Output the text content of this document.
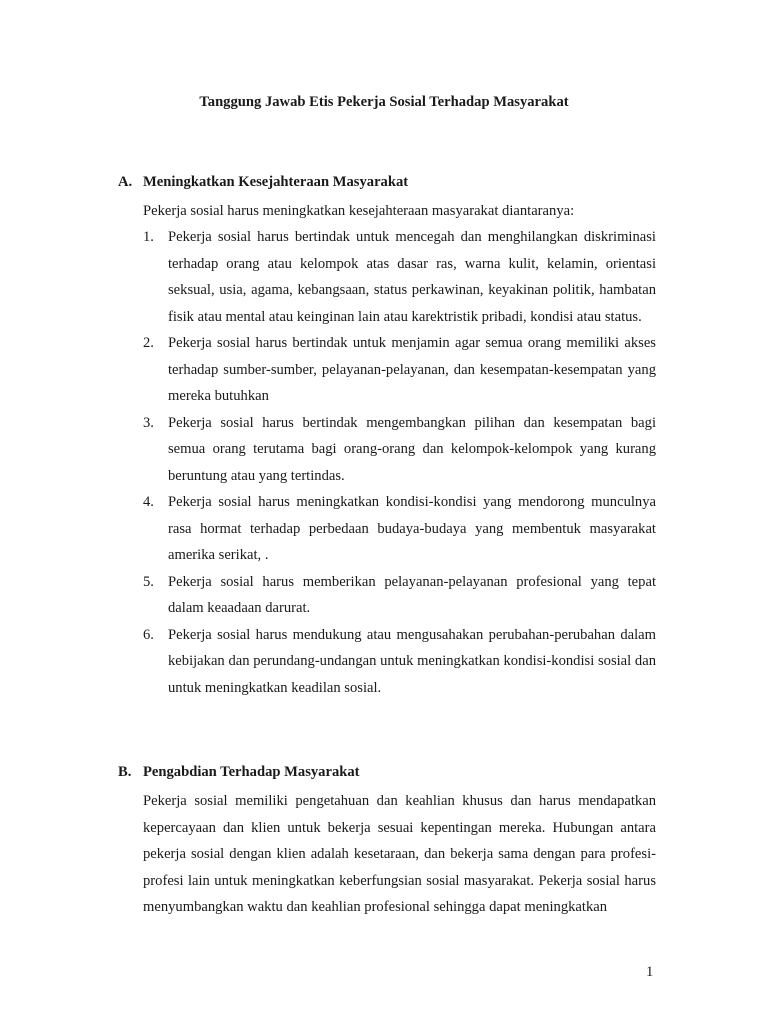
Tanggung Jawab Etis Pekerja Sosial Terhadap Masyarakat
A. Meningkatkan Kesejahteraan Masyarakat

Pekerja sosial harus meningkatkan kesejahteraan masyarakat diantaranya:

1. Pekerja sosial harus bertindak untuk mencegah dan menghilangkan diskriminasi terhadap orang atau kelompok atas dasar ras, warna kulit, kelamin, orientasi seksual, usia, agama, kebangsaan, status perkawinan, keyakinan politik, hambatan fisik atau mental atau keinginan lain atau karektristik pribadi, kondisi atau status.
2. Pekerja sosial harus bertindak untuk menjamin agar semua orang memiliki akses terhadap sumber-sumber, pelayanan-pelayanan, dan kesempatan-kesempatan yang mereka butuhkan
3. Pekerja sosial harus bertindak mengembangkan pilihan dan kesempatan bagi semua orang terutama bagi orang-orang dan kelompok-kelompok yang kurang beruntung atau yang tertindas.
4. Pekerja sosial harus meningkatkan kondisi-kondisi yang mendorong munculnya rasa hormat terhadap perbedaan budaya-budaya yang membentuk masyarakat amerika serikat, .
5. Pekerja sosial harus memberikan pelayanan-pelayanan profesional yang tepat dalam keaadaan darurat.
6. Pekerja sosial harus mendukung atau mengusahakan perubahan-perubahan dalam kebijakan dan perundang-undangan untuk meningkatkan kondisi-kondisi sosial dan untuk meningkatkan keadilan sosial.
B. Pengabdian Terhadap Masyarakat

Pekerja sosial memiliki pengetahuan dan keahlian khusus dan harus mendapatkan kepercayaan dan klien untuk bekerja sesuai kepentingan mereka. Hubungan antara pekerja sosial dengan klien adalah kesetaraan, dan bekerja sama dengan para profesi-profesi lain untuk meningkatkan keberfungsian sosial masyarakat. Pekerja sosial harus menyumbangkan waktu dan keahlian profesional sehingga dapat meningkatkan

1
